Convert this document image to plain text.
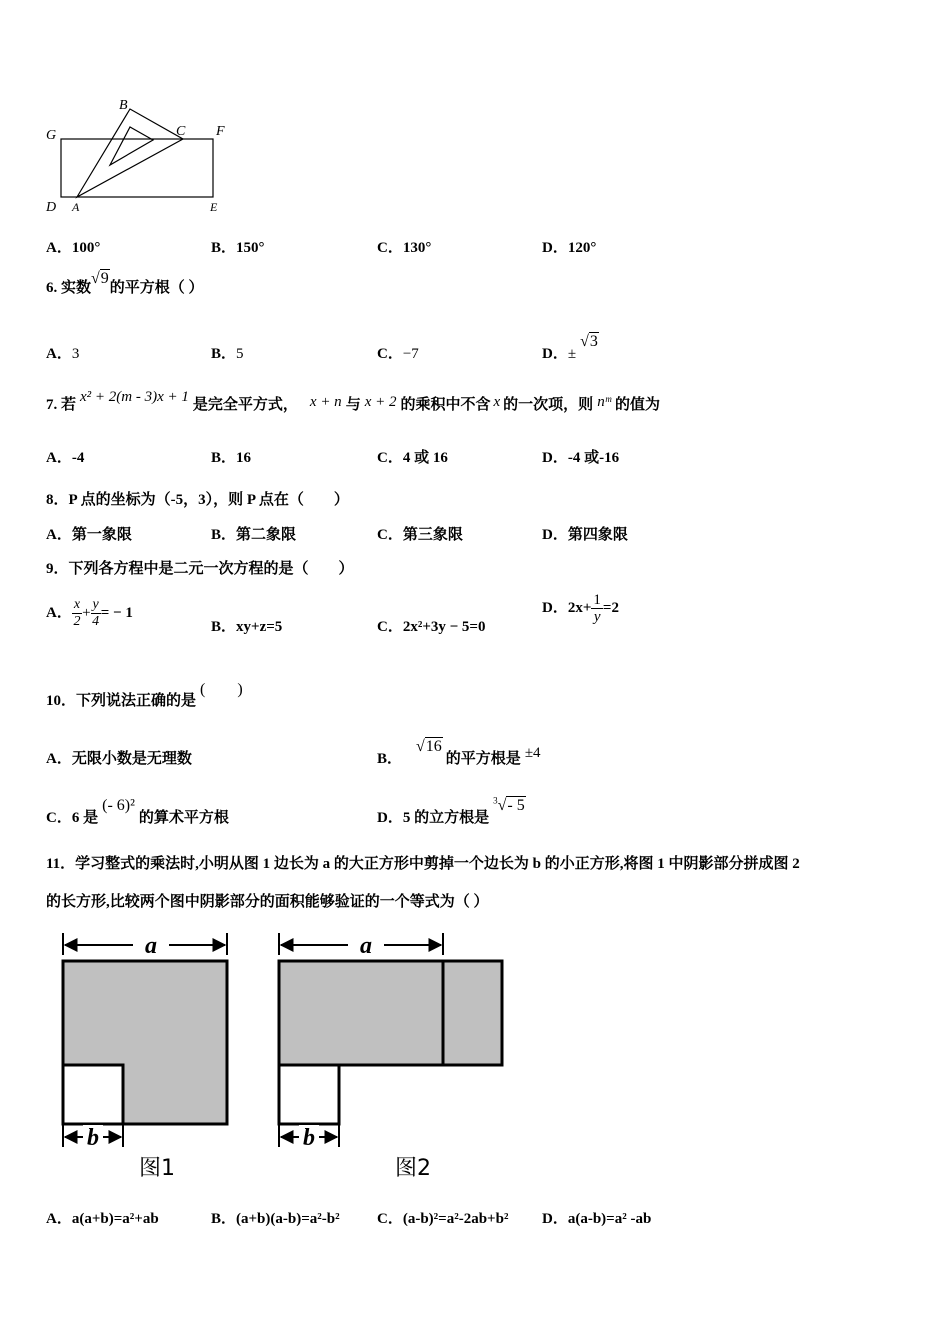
B
C
G	F
D A	E
A．100°	B．150°	C．130°	D．120°
6. 实数√9的平方根（ ）
A．3	B．5	C．−7	D．±√3
7. 若 x² + 2(m - 3)x + 1 是完全平方式， x + n 与 x + 2 的乘积中不含 x 的一次项，则 nᵐ 的值为
A．-4	B．16	C．4 或 16	D．-4 或-16
8．P 点的坐标为（-5，3），则 P 点在（　　）
A．第一象限	B．第二象限	C．第三象限	D．第四象限
9．下列各方程中是二元一次方程的是（　　）
A． $\frac{x}{2} + \frac{y}{4}$ = − 1
B．xy+z=5	C．2x²+3y − 5=0
D．$2x+ \frac{1}{y} =2$
10．下列说法正确的是(　　)
A．无限小数是无理数	B．√16的平方根是 ±4
C．6 是(- 6)²的算术平方根	D．5 的立方根是$^3$√- 5
11．学习整式的乘法时,小明从图 1 边长为 a 的大正方形中剪掉一个边长为 b 的小正方形,将图 1 中阴影部分拼成图 2
的长方形,比较两个图中阴影部分的面积能够验证的一个等式为（ ）
a
b
图1
a
b
图2
A．a(a+b)=a²+ab	B．(a+b)(a-b)=a²-b² C．(a-b)²=a²-2ab+b² D．a(a-b)=a² -ab
